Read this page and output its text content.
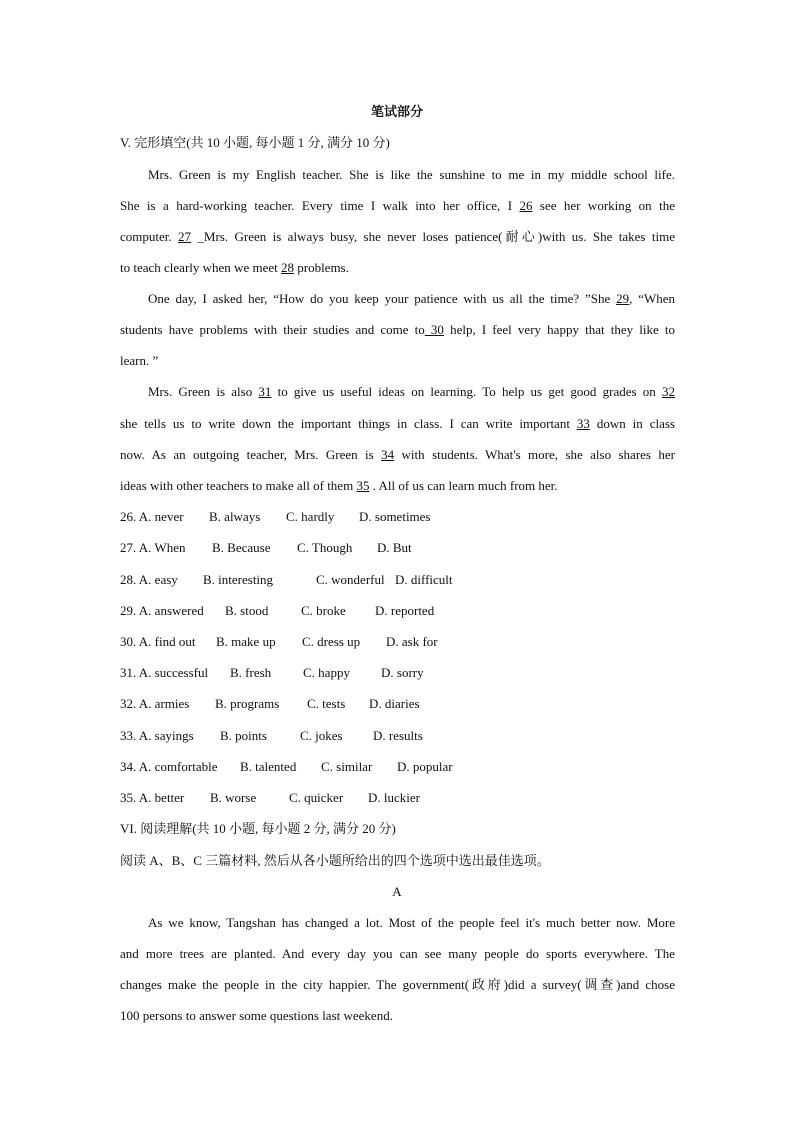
笔试部分
V. 完形填空(共 10 小题, 每小题 1 分, 满分 10 分)
Mrs. Green is my English teacher. She is like the sunshine to me in my middle school life.
She is a hard-working teacher. Every time I walk into her office, I 26 see her working on the
computer. 27 _Mrs. Green is always busy, she never loses patience(耐心)with us. She takes time
to teach clearly when we meet 28 problems.
One day, I asked her, “How do you keep your patience with us all the time? ”She 29, “When
students have problems with their studies and come to 30 help, I feel very happy that they like to
learn. ”
Mrs. Green is also 31 to give us useful ideas on learning. To help us get good grades on 32
she tells us to write down the important things in class. I can write important 33 down in class
now. As an outgoing teacher, Mrs. Green is 34 with students. What's more, she also shares her
ideas with other teachers to make all of them 35 . All of us can learn much from her.
26. A. never B. always C. hardly D. sometimes
27. A. When B. Because C. Though D. But
28. A. easy B. interesting	C. wonderful D. difficult
29. A. answered B. stood	C. broke D. reported
30. A. find out B. make up C. dress up D. ask for
31. A. successful B. fresh C. happy D. sorry
32. A. armies B. programs C. tests D. diaries
33. A. sayings B. points	C. jokes D. results
34. A. comfortable B. talented C. similar D. popular
35. A. better B. worse	C. quicker D. luckier
VI. 阅读理解(共 10 小题, 每小题 2 分, 满分 20 分)
阅读 A、B、C 三篇材料, 然后从各小题所给出的四个选项中选出最佳选项。
A
As we know, Tangshan has changed a lot. Most of the people feel it's much better now. More
and more trees are planted. And every day you can see many people do sports everywhere. The
changes make the people in the city happier. The government(政府)did a survey(调查)and chose
100 persons to answer some questions last weekend.
